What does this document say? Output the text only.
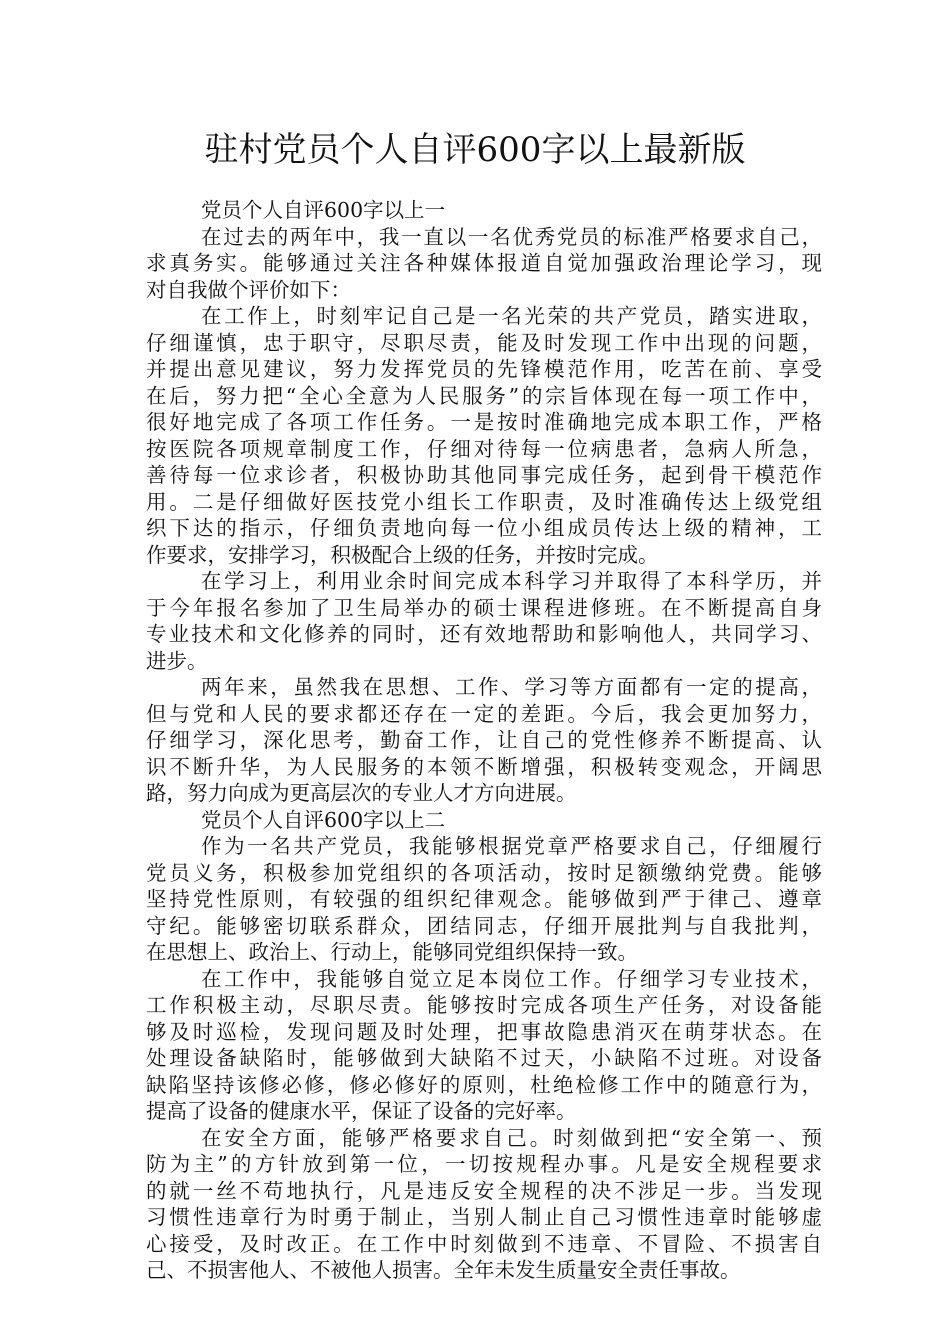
驻村党员个人自评600字以上最新版
党员个人自评600字以上一
在过去的两年中，我一直以一名优秀党员的标准严格要求自己，
求真务实。能够通过关注各种媒体报道自觉加强政治理论学习，现
对自我做个评价如下：
在工作上，时刻牢记自己是一名光荣的共产党员，踏实进取，
仔细谨慎，忠于职守，尽职尽责，能及时发现工作中出现的问题，
并提出意见建议，努力发挥党员的先锋模范作用，吃苦在前、享受
在后，努力把“全心全意为人民服务”的宗旨体现在每一项工作中，
很好地完成了各项工作任务。一是按时准确地完成本职工作，严格
按医院各项规章制度工作，仔细对待每一位病患者，急病人所急，
善待每一位求诊者，积极协助其他同事完成任务，起到骨干模范作
用。二是仔细做好医技党小组长工作职责，及时准确传达上级党组
织下达的指示，仔细负责地向每一位小组成员传达上级的精神，工
作要求，安排学习，积极配合上级的任务，并按时完成。
在学习上，利用业余时间完成本科学习并取得了本科学历，并
于今年报名参加了卫生局举办的硕士课程进修班。在不断提高自身
专业技术和文化修养的同时，还有效地帮助和影响他人，共同学习、
进步。
两年来，虽然我在思想、工作、学习等方面都有一定的提高，
但与党和人民的要求都还存在一定的差距。今后，我会更加努力，
仔细学习，深化思考，勤奋工作，让自己的党性修养不断提高、认
识不断升华，为人民服务的本领不断增强，积极转变观念，开阔思
路，努力向成为更高层次的专业人才方向进展。
党员个人自评600字以上二
作为一名共产党员，我能够根据党章严格要求自己，仔细履行
党员义务，积极参加党组织的各项活动，按时足额缴纳党费。能够
坚持党性原则，有较强的组织纪律观念。能够做到严于律己、遵章
守纪。能够密切联系群众，团结同志，仔细开展批判与自我批判，
在思想上、政治上、行动上，能够同党组织保持一致。
在工作中，我能够自觉立足本岗位工作。仔细学习专业技术，
工作积极主动，尽职尽责。能够按时完成各项生产任务，对设备能
够及时巡检，发现问题及时处理，把事故隐患消灭在萌芽状态。在
处理设备缺陷时，能够做到大缺陷不过天，小缺陷不过班。对设备
缺陷坚持该修必修，修必修好的原则，杜绝检修工作中的随意行为，
提高了设备的健康水平，保证了设备的完好率。
在安全方面，能够严格要求自己。时刻做到把“安全第一、预
防为主”的方针放到第一位，一切按规程办事。凡是安全规程要求
的就一丝不苟地执行，凡是违反安全规程的决不涉足一步。当发现
习惯性违章行为时勇于制止，当别人制止自己习惯性违章时能够虚
心接受，及时改正。在工作中时刻做到不违章、不冒险、不损害自
己、不损害他人、不被他人损害。全年未发生质量安全责任事故。
